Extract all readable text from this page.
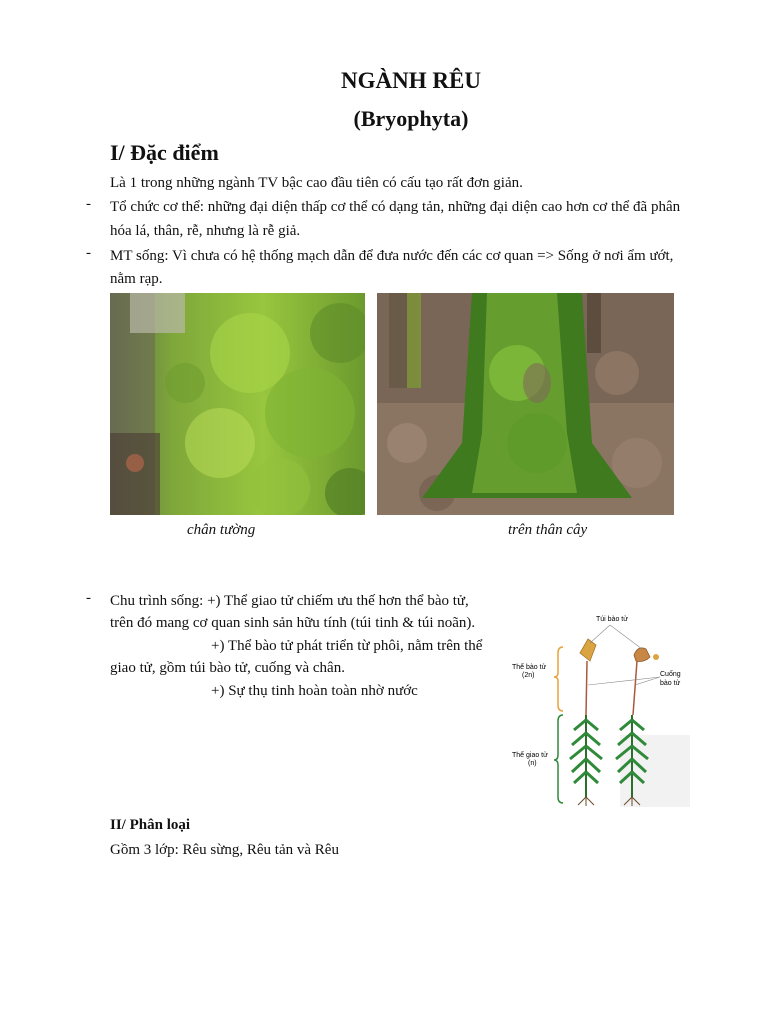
NGÀNH RÊU
(Bryophyta)
I/ Đặc điểm
Là 1 trong những ngành TV bậc cao đầu tiên có cấu tạo rất đơn giản.
- Tổ chức cơ thể: những đại diện thấp cơ thể có dạng tản, những đại diện cao hơn cơ thể đã phân
hóa lá, thân, rễ, nhưng là rễ giả.
- MT sống: Vì chưa có hệ thống mạch dẫn để đưa nước đến các cơ quan => Sống ở nơi ẩm ướt,
nằm rạp.
chân tường	trên thân cây
- Chu trình sống: +) Thể giao tử chiếm ưu thế hơn thể bào tử,
trên đó mang cơ quan sinh sản hữu tính (túi tinh & túi noãn).
+) Thể bào tử phát triển từ phôi, nằm trên thể
giao tử, gồm túi bào tử, cuống và chân.
+) Sự thụ tinh hoàn toàn nhờ nước
Túi bào tử
Thể bào tử
(2n)	Cuống
bào tử
Thể giao tử
(n)
II/ Phân loại
Gồm 3 lớp: Rêu sừng, Rêu tản và Rêu
